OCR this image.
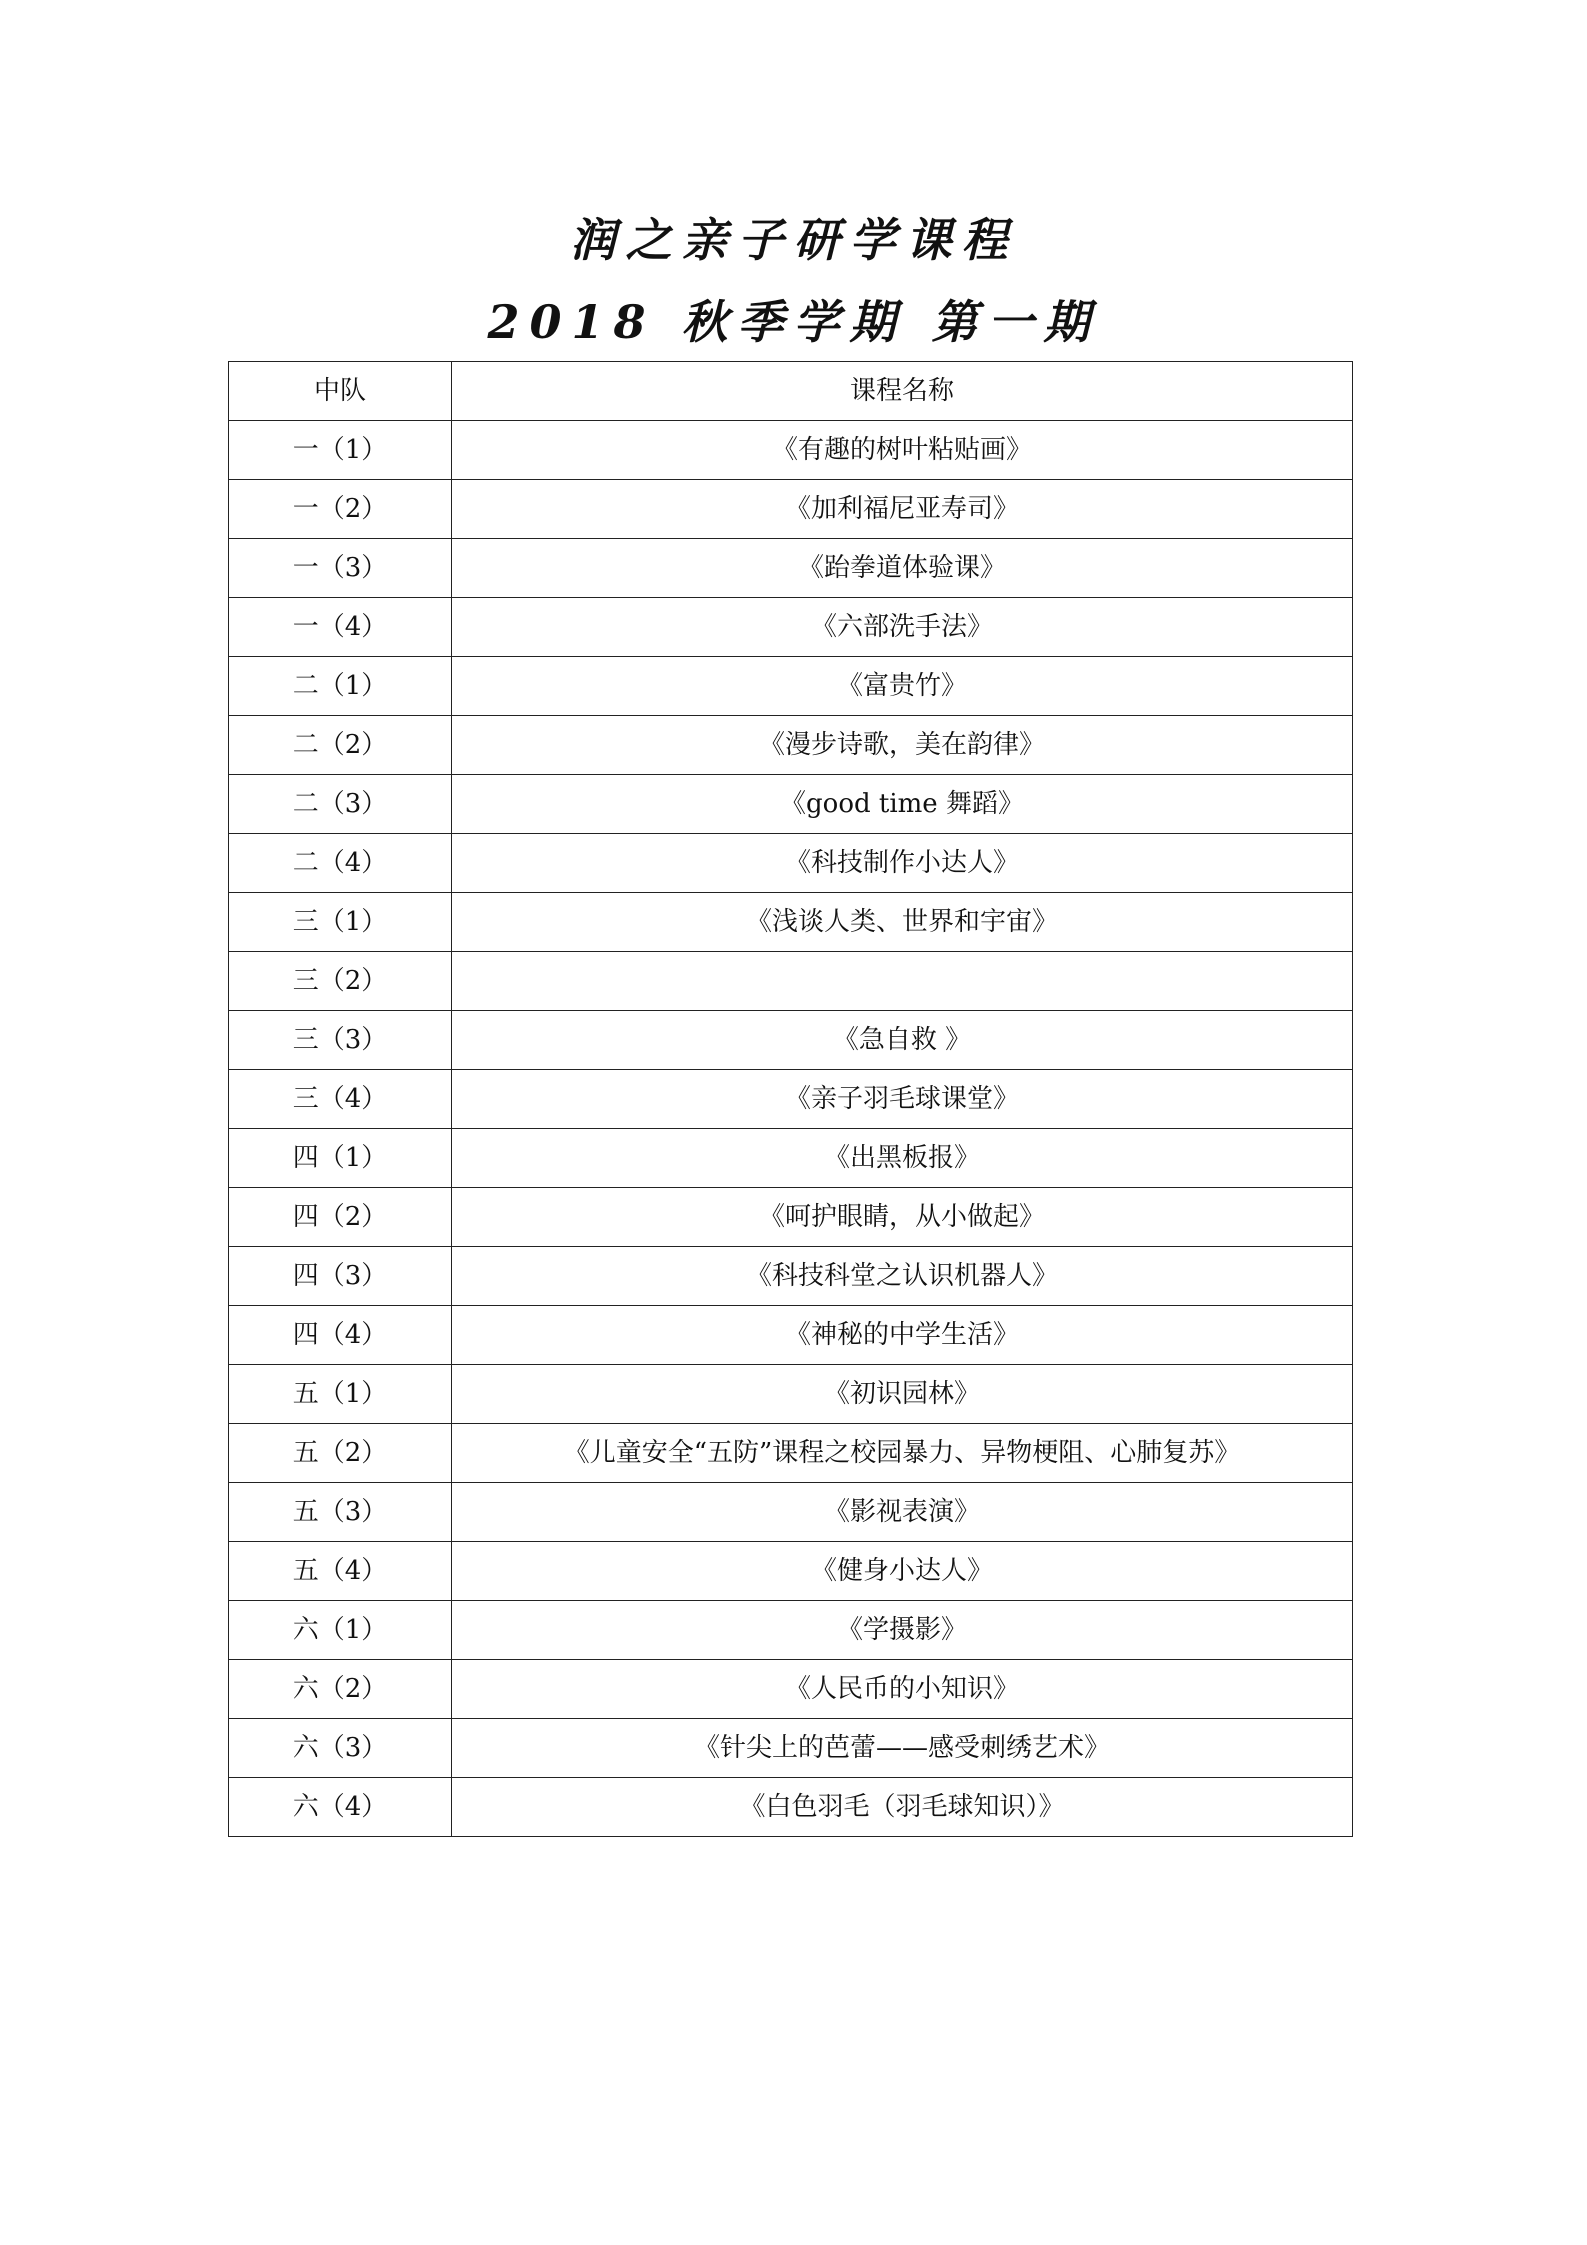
润之亲子研学课程
2018 秋季学期 第一期
中队	课程名称
一（1）	《有趣的树叶粘贴画》
一（2）	《加利福尼亚寿司》
一（3）	《跆拳道体验课》
一（4）	《六部洗手法》
二（1）	《富贵竹》
二（2）	《漫步诗歌，美在韵律》
二（3）	《good time 舞蹈》
二（4）	《科技制作小达人》
三（1）	《浅谈人类、世界和宇宙》
三（2）	
三（3）	《急自救 》
三（4）	《亲子羽毛球课堂》
四（1）	《出黑板报》
四（2）	《呵护眼睛，从小做起》
四（3）	《科技科堂之认识机器人》
四（4）	《神秘的中学生活》
五（1）	《初识园林》
五（2）	《儿童安全“五防”课程之校园暴力、异物梗阻、心肺复苏》
五（3）	《影视表演》
五（4）	《健身小达人》
六（1）	《学摄影》
六（2）	《人民币的小知识》
六（3）	《针尖上的芭蕾——感受刺绣艺术》
六（4）	《白色羽毛（羽毛球知识）》
